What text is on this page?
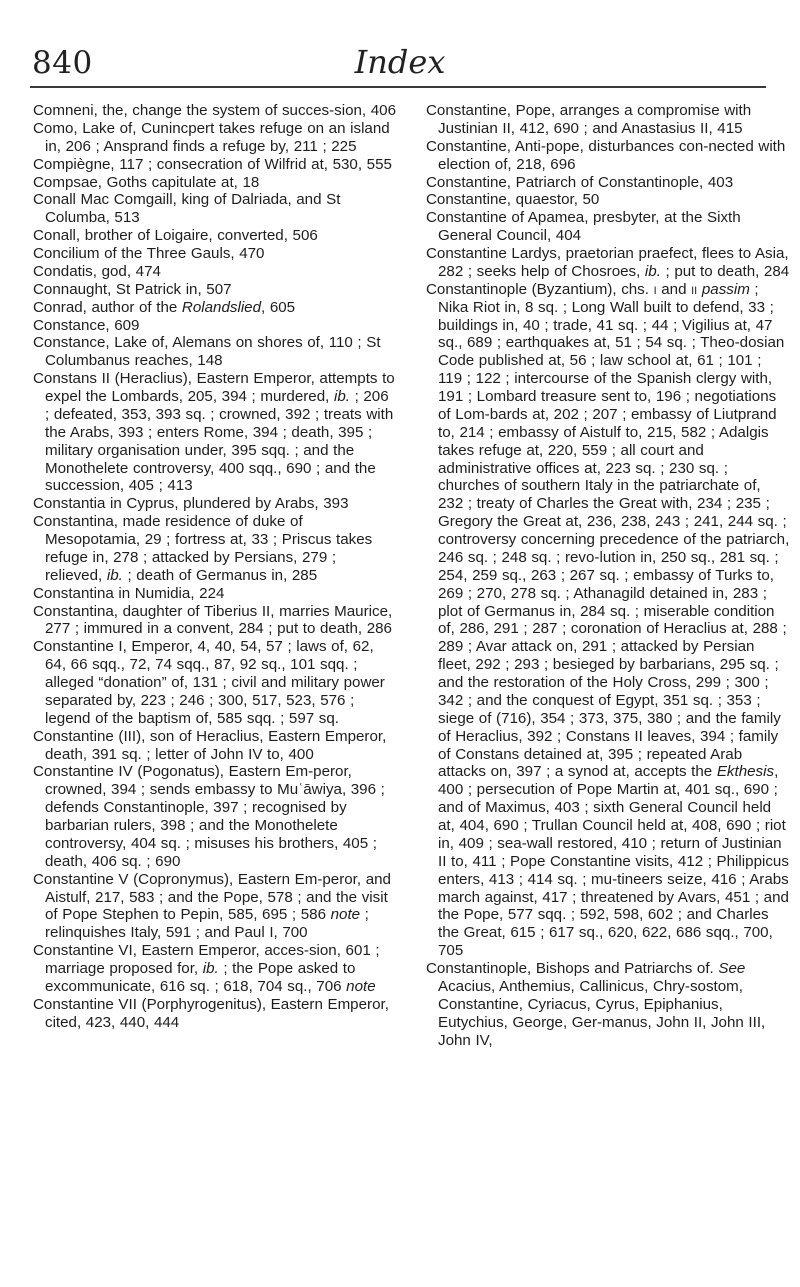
840	Index

Comneni, the, change the system of succes-sion, 406

Como, Lake of, Cunincpert takes refuge on an island in, 206 ; Ansprand finds a refuge by, 211 ; 225

Compiègne, 117 ; consecration of Wilfrid at, 530, 555

Compsae, Goths capitulate at, 18

Conall Mac Comgaill, king of Dalriada, and St Columba, 513

Conall, brother of Loigaire, converted, 506

Concilium of the Three Gauls, 470

Condatis, god, 474

Connaught, St Patrick in, 507

Conrad, author of the Rolandslied, 605

Constance, 609

Constance, Lake of, Alemans on shores of, 110 ; St Columbanus reaches, 148

Constans II (Heraclius), Eastern Emperor, attempts to expel the Lombards, 205, 394 ; murdered, ib. ; 206 ; defeated, 353, 393 sq. ; crowned, 392 ; treats with the Arabs, 393 ; enters Rome, 394 ; death, 395 ; military organisation under, 395 sqq. ; and the Monothelete controversy, 400 sqq., 690 ; and the succession, 405 ; 413

Constantia in Cyprus, plundered by Arabs, 393

Constantina, made residence of duke of Mesopotamia, 29 ; fortress at, 33 ; Priscus takes refuge in, 278 ; attacked by Persians, 279 ; relieved, ib. ; death of Germanus in, 285

Constantina in Numidia, 224

Constantina, daughter of Tiberius II, marries Maurice, 277 ; immured in a convent, 284 ; put to death, 286

Constantine I, Emperor, 4, 40, 54, 57 ; laws of, 62, 64, 66 sqq., 72, 74 sqq., 87, 92 sq., 101 sqq. ; alleged “donation” of, 131 ; civil and military power separated by, 223 ; 246 ; 300, 517, 523, 576 ; legend of the baptism of, 585 sqq. ; 597 sq.

Constantine (III), son of Heraclius, Eastern Emperor, death, 391 sq. ; letter of John IV to, 400

Constantine IV (Pogonatus), Eastern Em-peror, crowned, 394 ; sends embassy to Muʿāwiya, 396 ; defends Constantinople, 397 ; recognised by barbarian rulers, 398 ; and the Monothelete controversy, 404 sq. ; misuses his brothers, 405 ; death, 406 sq. ; 690

Constantine V (Copronymus), Eastern Em-peror, and Aistulf, 217, 583 ; and the Pope, 578 ; and the visit of Pope Stephen to Pepin, 585, 695 ; 586 note ; relinquishes Italy, 591 ; and Paul I, 700

Constantine VI, Eastern Emperor, acces-sion, 601 ; marriage proposed for, ib. ; the Pope asked to excommunicate, 616 sq. ; 618, 704 sq., 706 note

Constantine VII (Porphyrogenitus), Eastern Emperor, cited, 423, 440, 444

Constantine, Pope, arranges a compromise with Justinian II, 412, 690 ; and Anastasius II, 415

Constantine, Anti-pope, disturbances con-nected with election of, 218, 696

Constantine, Patriarch of Constantinople, 403

Constantine, quaestor, 50

Constantine of Apamea, presbyter, at the Sixth General Council, 404

Constantine Lardys, praetorian praefect, flees to Asia, 282 ; seeks help of Chosroes, ib. ; put to death, 284

Constantinople (Byzantium), chs. i and ii passim ; Nika Riot in, 8 sq. ; Long Wall built to defend, 33 ; buildings in, 40 ; trade, 41 sq. ; 44 ; Vigilius at, 47 sq., 689 ; earthquakes at, 51 ; 54 sq. ; Theo-dosian Code published at, 56 ; law school at, 61 ; 101 ; 119 ; 122 ; intercourse of the Spanish clergy with, 191 ; Lombard treasure sent to, 196 ; negotiations of Lom-bards at, 202 ; 207 ; embassy of Liutprand to, 214 ; embassy of Aistulf to, 215, 582 ; Adalgis takes refuge at, 220, 559 ; all court and administrative offices at, 223 sq. ; 230 sq. ; churches of southern Italy in the patriarchate of, 232 ; treaty of Charles the Great with, 234 ; 235 ; Gregory the Great at, 236, 238, 243 ; 241, 244 sq. ; controversy concerning precedence of the patriarch, 246 sq. ; 248 sq. ; revo-lution in, 250 sq., 281 sq. ; 254, 259 sq., 263 ; 267 sq. ; embassy of Turks to, 269 ; 270, 278 sq. ; Athanagild detained in, 283 ; plot of Germanus in, 284 sq. ; miserable condition of, 286, 291 ; 287 ; coronation of Heraclius at, 288 ; 289 ; Avar attack on, 291 ; attacked by Persian fleet, 292 ; 293 ; besieged by barbarians, 295 sq. ; and the restoration of the Holy Cross, 299 ; 300 ; 342 ; and the conquest of Egypt, 351 sq. ; 353 ; siege of (716), 354 ; 373, 375, 380 ; and the family of Heraclius, 392 ; Constans II leaves, 394 ; family of Constans detained at, 395 ; repeated Arab attacks on, 397 ; a synod at, accepts the Ekthesis, 400 ; persecution of Pope Martin at, 401 sq., 690 ; and of Maximus, 403 ; sixth General Council held at, 404, 690 ; Trullan Council held at, 408, 690 ; riot in, 409 ; sea-wall restored, 410 ; return of Justinian II to, 411 ; Pope Constantine visits, 412 ; Philippicus enters, 413 ; 414 sq. ; mu-tineers seize, 416 ; Arabs march against, 417 ; threatened by Avars, 451 ; and the Pope, 577 sqq. ; 592, 598, 602 ; and Charles the Great, 615 ; 617 sq., 620, 622, 686 sqq., 700, 705

Constantinople, Bishops and Patriarchs of. See Acacius, Anthemius, Callinicus, Chry-sostom, Constantine, Cyriacus, Cyrus, Epiphanius, Eutychius, George, Ger-manus, John II, John III, John IV,
